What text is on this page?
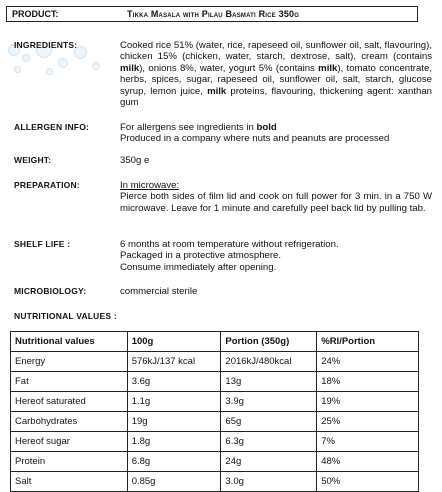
PRODUCT:	Tikka Masala with Pilau Basmati Rice 350g
INGREDIENTS:	Cooked rice 51% (water, rice, rapeseed oil, sunflower oil, salt, flavouring), chicken 15% (chicken, water, starch, dextrose, salt), cream (contains milk), onions 8%, water, yogurt 5% (contains milk), tomato concentrate, herbs, spices, sugar, rapeseed oil, sunflower oil, salt, starch, glucose syrup, lemon juice, milk proteins, flavouring, thickening agent: xanthan gum
ALLERGEN INFO:	For allergens see ingredients in bold
Produced in a company where nuts and peanuts are processed
WEIGHT:	350g e
PREPARATION:	In microwave:
Pierce both sides of film lid and cook on full power for 3 min. in a 750 W microwave. Leave for 1 minute and carefully peel back lid by pulling tab.
SHELF LIFE :	6 months at room temperature without refrigeration.
Packaged in a protective atmosphere.
Consume immediately after opening.
MICROBIOLOGY:	commercial sterile
NUTRITIONAL VALUES :
Nutritional values	100g	Portion (350g)	%RI/Portion
Energy	576kJ/137 kcal	2016kJ/480kcal	24%
Fat	3.6g	13g	18%
Hereof saturated	1.1g	3.9g	19%
Carbohydrates	19g	65g	25%
Hereof sugar	1.8g	6.3g	7%
Protein	6.8g	24g	48%
Salt	0.85g	3.0g	50%
